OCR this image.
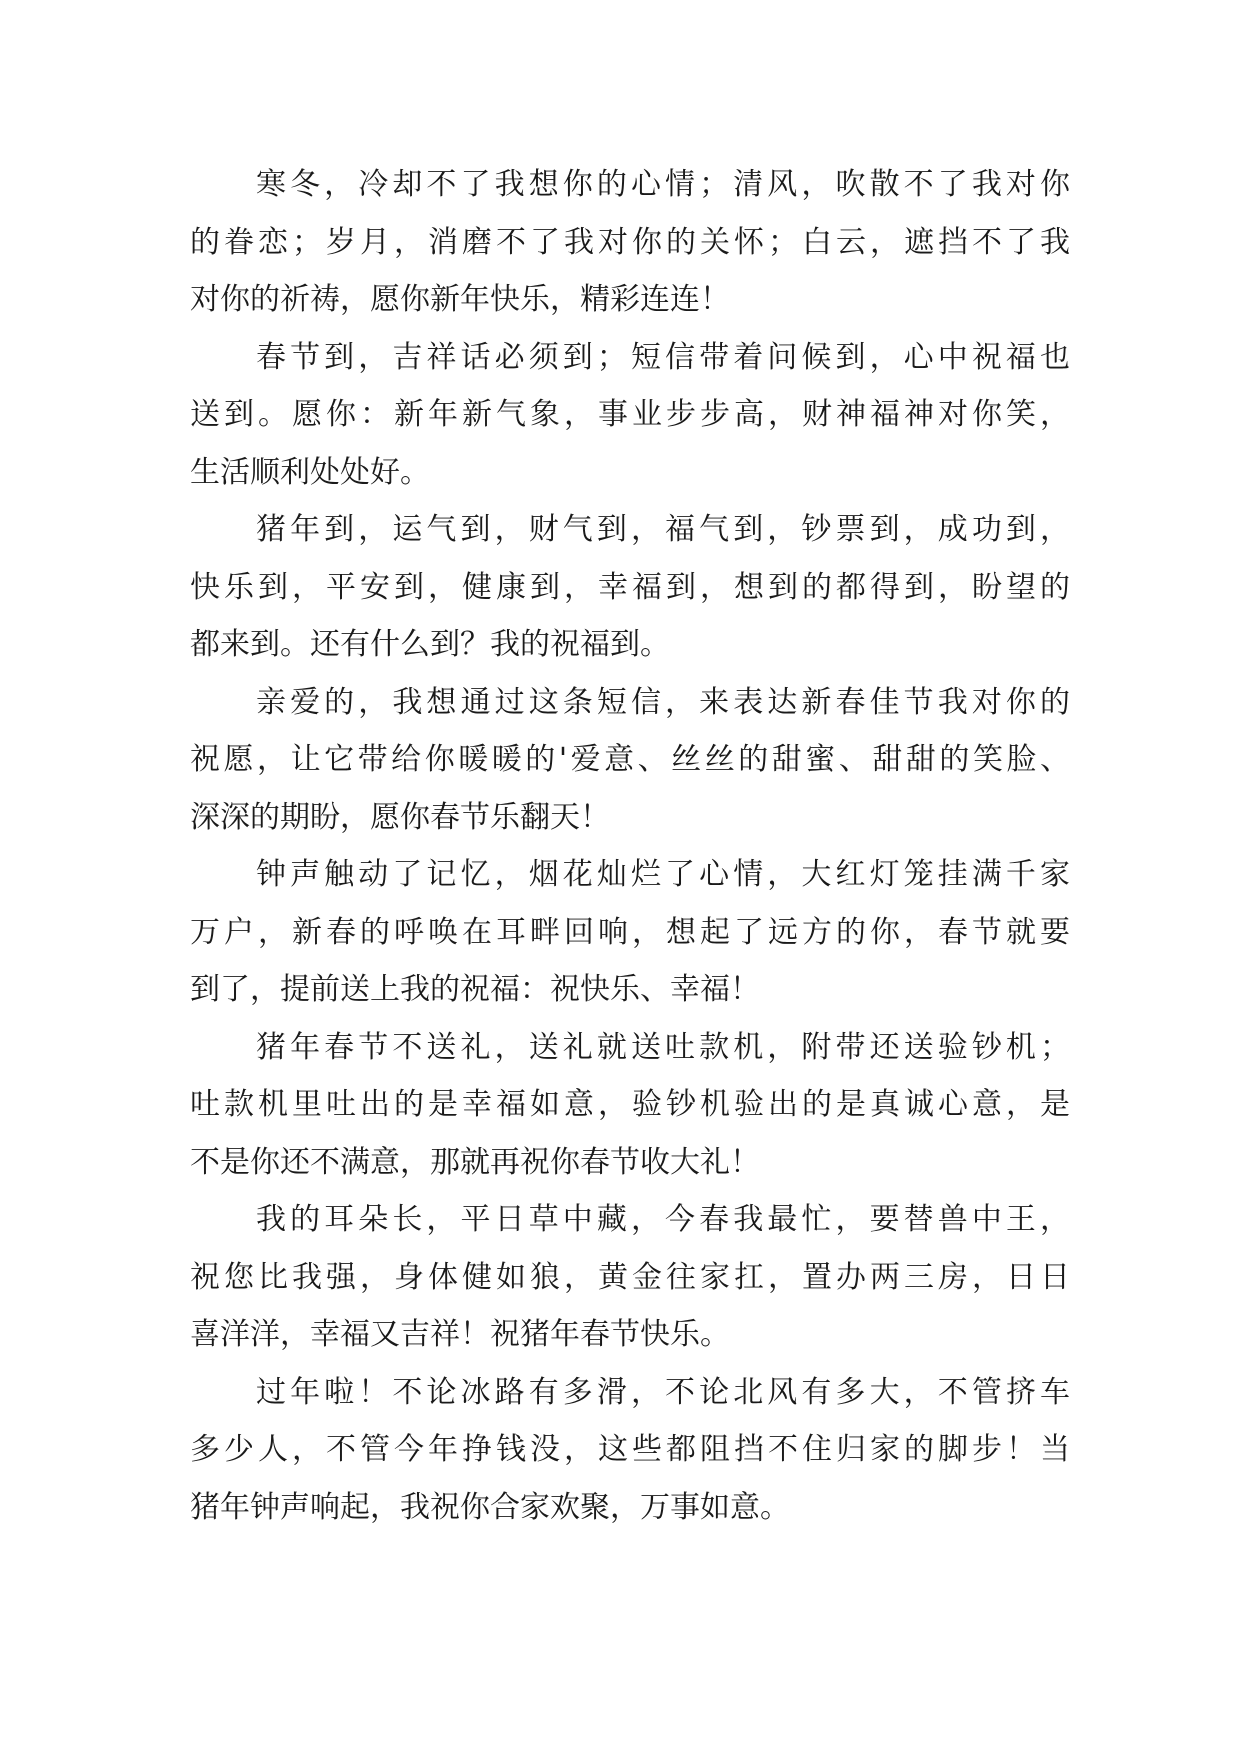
寒冬，冷却不了我想你的心情；清风，吹散不了我对你
的眷恋；岁月，消磨不了我对你的关怀；白云，遮挡不了我
对你的祈祷，愿你新年快乐，精彩连连！
春节到，吉祥话必须到；短信带着问候到，心中祝福也
送到。愿你：新年新气象，事业步步高，财神福神对你笑，
生活顺利处处好。
猪年到，运气到，财气到，福气到，钞票到，成功到，
快乐到，平安到，健康到，幸福到，想到的都得到，盼望的
都来到。还有什么到？我的祝福到。
亲爱的，我想通过这条短信，来表达新春佳节我对你的
祝愿，让它带给你暖暖的'爱意、丝丝的甜蜜、甜甜的笑脸、
深深的期盼，愿你春节乐翻天！
钟声触动了记忆，烟花灿烂了心情，大红灯笼挂满千家
万户，新春的呼唤在耳畔回响，想起了远方的你，春节就要
到了，提前送上我的祝福：祝快乐、幸福！
猪年春节不送礼，送礼就送吐款机，附带还送验钞机；
吐款机里吐出的是幸福如意，验钞机验出的是真诚心意，是
不是你还不满意，那就再祝你春节收大礼！
我的耳朵长，平日草中藏，今春我最忙，要替兽中王，
祝您比我强，身体健如狼，黄金往家扛，置办两三房，日日
喜洋洋，幸福又吉祥！祝猪年春节快乐。
过年啦！不论冰路有多滑，不论北风有多大，不管挤车
多少人，不管今年挣钱没，这些都阻挡不住归家的脚步！当
猪年钟声响起，我祝你合家欢聚，万事如意。
